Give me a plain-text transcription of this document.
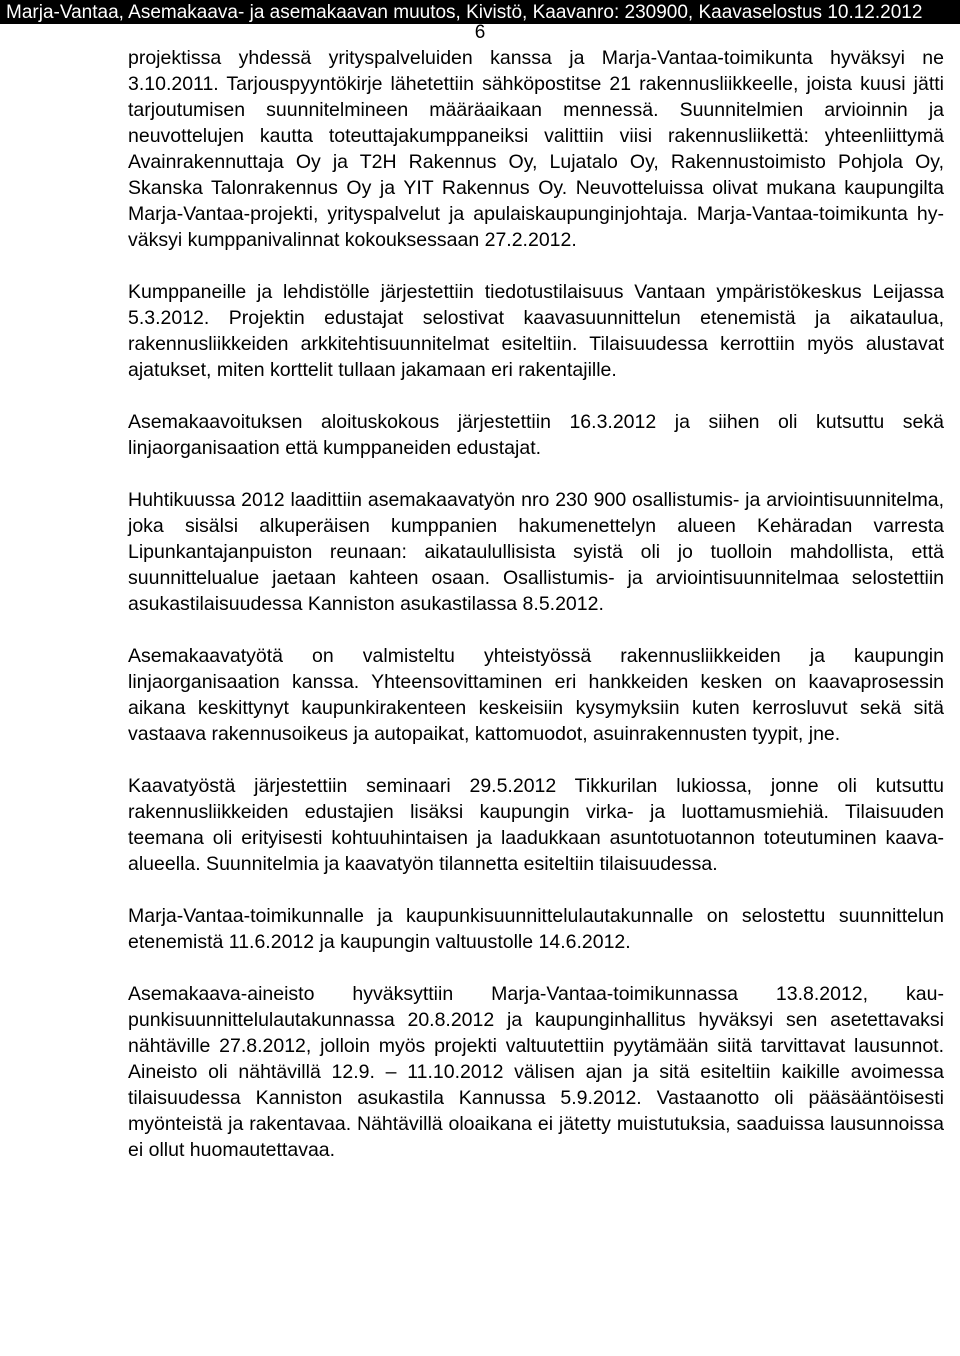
Marja-Vantaa, Asemakaava- ja asemakaavan muutos, Kivistö, Kaavanro: 230900, Kaavaselostus 10.12.2012
6

projektissa yhdessä yrityspalveluiden kanssa ja Marja-Vantaa-toimikunta hyväksyi ne 3.10.2011. Tarjouspyyntökirje lähetettiin sähköpostitse 21 rakennusliikkeelle, joista kuusi jätti tarjoutumisen suunnitelmineen määräaikaan mennessä. Suunnitelmien arvioinnin ja neuvottelujen kautta toteuttajakumppaneiksi valittiin viisi rakennusliikettä: yhteenliittymä Avainrakennuttaja Oy ja T2H Rakennus Oy, Lujatalo Oy, Rakennustoimisto Pohjola Oy, Skanska Talonrakennus Oy ja YIT Rakennus Oy. Neuvotteluissa olivat mukana kaupungilta Marja-Vantaa-projekti, yrityspalvelut ja apulaiskaupunginjohtaja. Marja-Vantaa-toimikunta hyväksyi kumppanivalinnat kokouksessaan 27.2.2012.

Kumppaneille ja lehdistölle järjestettiin tiedotustilaisuus Vantaan ympäristökeskus Leijassa 5.3.2012. Projektin edustajat selostivat kaavasuunnittelun etenemistä ja aikataulua, rakennusliikkeiden arkkitehtisuunnitelmat esiteltiin. Tilaisuudessa kerrottiin myös alustavat ajatukset, miten korttelit tullaan jakamaan eri rakentajille.

Asemakaavoituksen aloituskokous järjestettiin 16.3.2012 ja siihen oli kutsuttu sekä linjaorganisaation että kumppaneiden edustajat.

Huhtikuussa 2012 laadittiin asemakaavatyön nro 230 900 osallistumis- ja arviointisuunnitelma, joka sisälsi alkuperäisen kumppanien hakumenettelyn alueen Kehäradan varresta Lipunkantajanpuiston reunaan: aikataulullisista syistä oli jo tuolloin mahdollista, että suunnittelualue jaetaan kahteen osaan. Osallistumis- ja arviointisuunnitelmaa selostettiin asukastilaisuudessa Kanniston asukastilassa 8.5.2012.

Asemakaavatyötä on valmisteltu yhteistyössä rakennusliikkeiden ja kaupungin linjaorganisaation kanssa. Yhteensovittaminen eri hankkeiden kesken on kaavaprosessin aikana keskittynyt kaupunkirakenteen keskeisiin kysymyksiin kuten kerrosluvut sekä sitä vastaava rakennusoikeus ja autopaikat, kattomuodot, asuinrakennusten tyypit, jne.

Kaavatyöstä järjestettiin seminaari 29.5.2012 Tikkurilan lukiossa, jonne oli kutsuttu rakennusliikkeiden edustajien lisäksi kaupungin virka- ja luottamusmiehiä. Tilaisuuden teemana oli erityisesti kohtuuhintaisen ja laadukkaan asuntotuotannon toteutuminen kaava-alueella. Suunnitelmia ja kaavatyön tilannetta esiteltiin tilaisuudessa.

Marja-Vantaa-toimikunnalle ja kaupunkisuunnittelulautakunnalle on selostettu suunnittelun etenemistä 11.6.2012 ja kaupungin valtuustolle 14.6.2012.

Asemakaava-aineisto hyväksyttiin Marja-Vantaa-toimikunnassa 13.8.2012, kaupunkisuunnittelulautakunnassa 20.8.2012 ja kaupunginhallitus hyväksyi sen asetettavaksi nähtäville 27.8.2012, jolloin myös projekti valtuutettiin pyytämään siitä tarvittavat lausunnot. Aineisto oli nähtävillä 12.9. – 11.10.2012 välisen ajan ja sitä esiteltiin kaikille avoimessa tilaisuudessa Kanniston asukastila Kannussa 5.9.2012. Vastaanotto oli pääsääntöisesti myönteistä ja rakentavaa. Nähtävillä oloaikana ei jätetty muistutuksia, saaduissa lausunnoissa ei ollut huomautettavaa.
